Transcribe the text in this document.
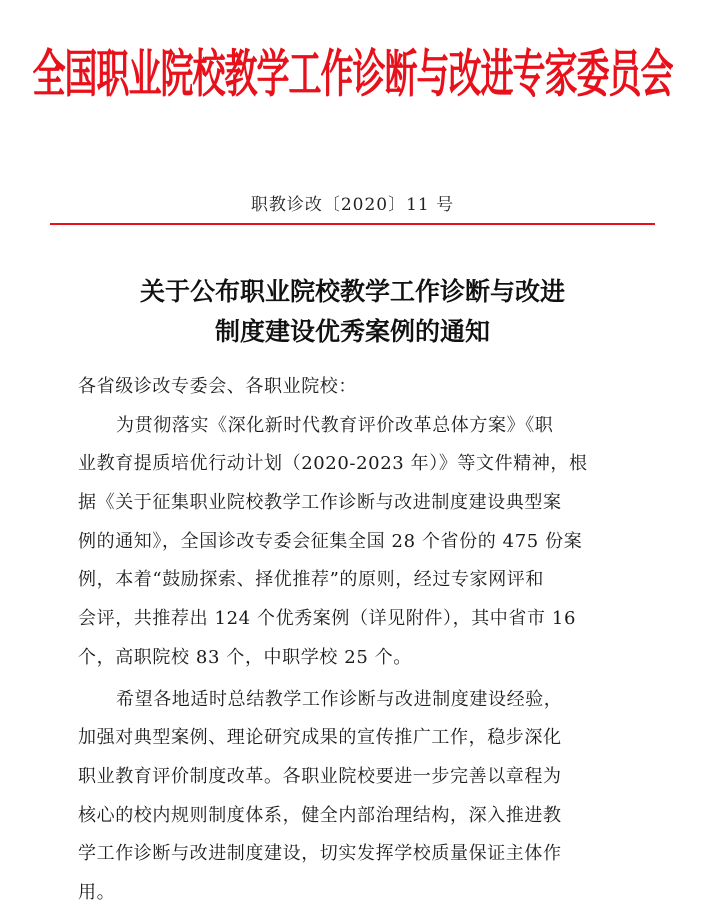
全国职业院校教学工作诊断与改进专家委员会
职教诊改〔2020〕11 号
关于公布职业院校教学工作诊断与改进
制度建设优秀案例的通知
各省级诊改专委会、各职业院校：
为贯彻落实《深化新时代教育评价改革总体方案》《职
业教育提质培优行动计划（2020-2023 年）》等文件精神，根
据《关于征集职业院校教学工作诊断与改进制度建设典型案
例的通知》，全国诊改专委会征集全国 28 个省份的 475 份案
例，本着“鼓励探索、择优推荐”的原则，经过专家网评和
会评，共推荐出 124 个优秀案例（详见附件），其中省市 16
个，高职院校 83 个，中职学校 25 个。
希望各地适时总结教学工作诊断与改进制度建设经验，
加强对典型案例、理论研究成果的宣传推广工作，稳步深化
职业教育评价制度改革。各职业院校要进一步完善以章程为
核心的校内规则制度体系，健全内部治理结构，深入推进教
学工作诊断与改进制度建设，切实发挥学校质量保证主体作
用。
